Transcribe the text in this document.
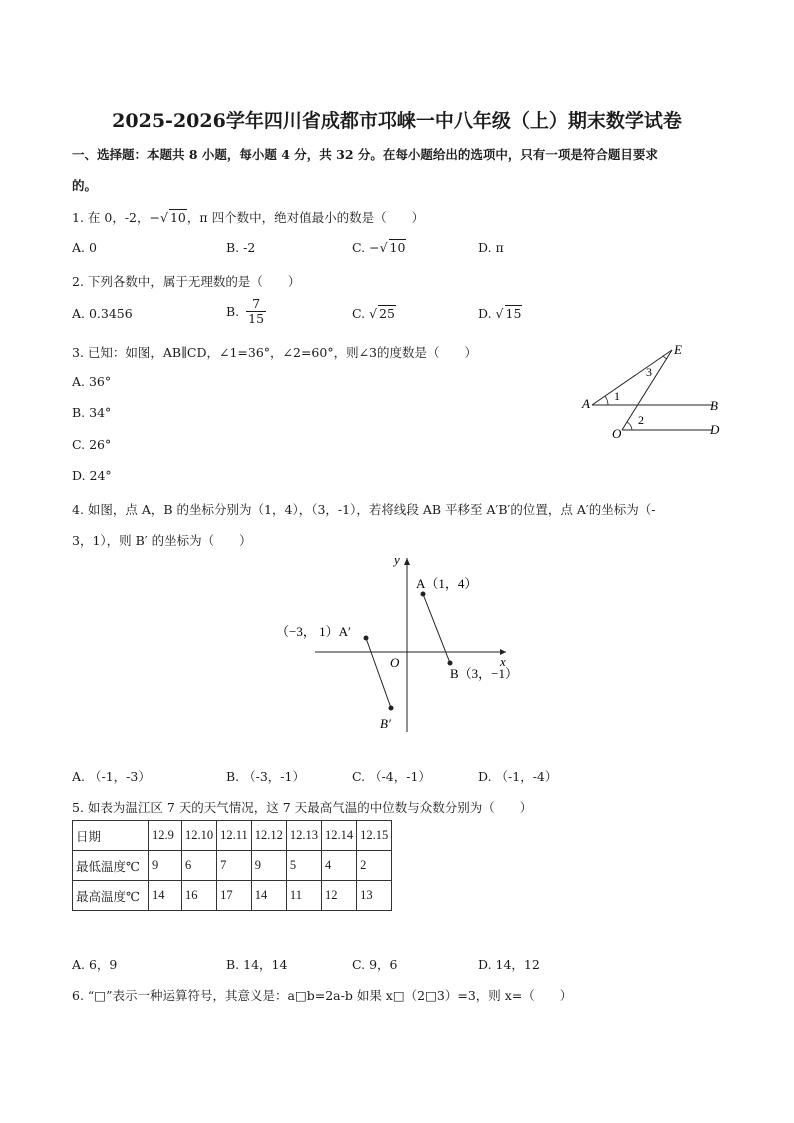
2025-2026学年四川省成都市邛崃一中八年级（上）期末数学试卷
一、选择题：本题共 8 小题，每小题 4 分，共 32 分。在每小题给出的选项中，只有一项是符合题目要求
的。
1. 在 0，-2，−√ 10，π 四个数中，绝对值最小的数是（　　）
A. 0	B. -2	C. −√ 10	D. π
2. 下列各数中，属于无理数的是（　　）
A. 0.3456	B. $\frac{7}{15}$	C. √ 25	D. √ 15
3. 已知：如图，AB∥CD，∠1=36°，∠2=60°，则∠3的度数是（　　）
A. 36°
B. 34°
C. 26°
D. 24°
E
A	B
O	D
1
2
3
4. 如图，点 A，B 的坐标分别为（1，4），（3，-1），若将线段 AB 平移至 A′B′的位置，点 A′的坐标为（-
3，1），则 B′ 的坐标为（　　）
y
x
O
A（1，4）
（−3， 1）A′
B（3，−1）
B′
A. （-1，-3）	B. （-3，-1）	C. （-4，-1）	D. （-1，-4）
5. 如表为温江区 7 天的天气情况，这 7 天最高气温的中位数与众数分别为（　　）
日期	12.9	12.10	12.11	12.12	12.13	12.14	12.15
最低温度℃	9	6	7	9	5	4	2
最高温度℃	14	16	17	14	11	12	13
A. 6，9	B. 14，14	C. 9，6	D. 14，12
6. “□”表示一种运算符号，其意义是：a□b=2a-b 如果 x□（2□3）=3，则 x=（　　）
